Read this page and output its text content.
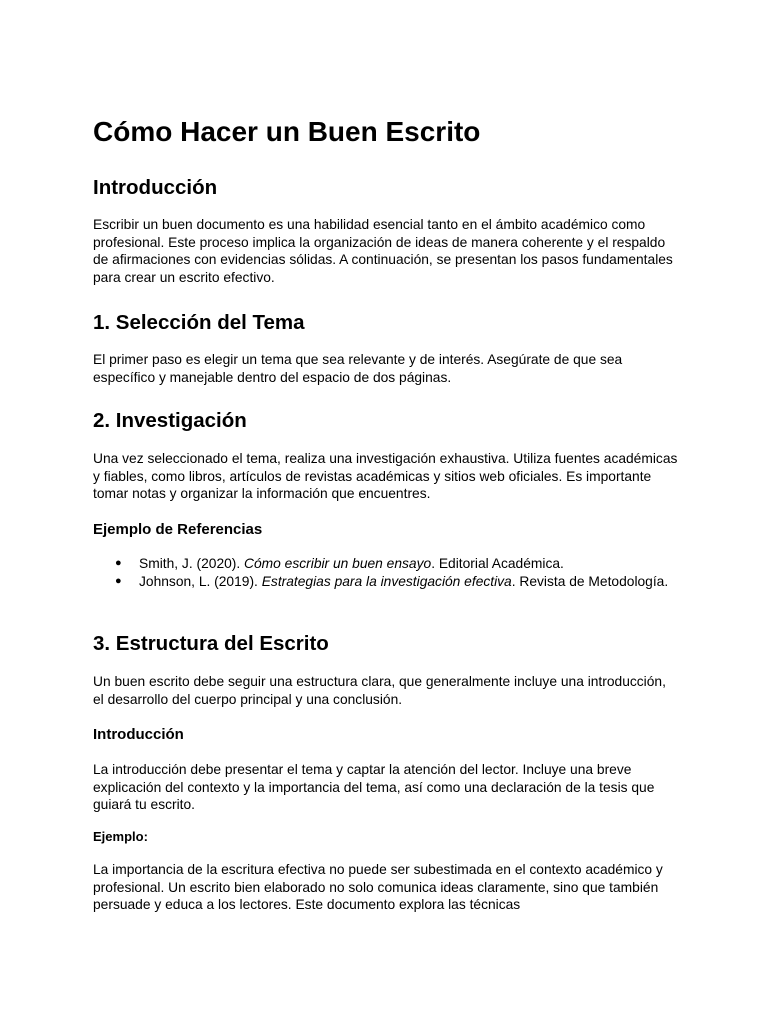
Cómo Hacer un Buen Escrito
Introducción

Escribir un buen documento es una habilidad esencial tanto en el ámbito académico como profesional. Este proceso implica la organización de ideas de manera coherente y el respaldo de afirmaciones con evidencias sólidas. A continuación, se presentan los pasos fundamentales para crear un escrito efectivo.

1. Selección del Tema

El primer paso es elegir un tema que sea relevante y de interés. Asegúrate de que sea específico y manejable dentro del espacio de dos páginas.

2. Investigación

Una vez seleccionado el tema, realiza una investigación exhaustiva. Utiliza fuentes académicas y fiables, como libros, artículos de revistas académicas y sitios web oficiales. Es importante tomar notas y organizar la información que encuentres.

Ejemplo de Referencias
● Smith, J. (2020). Cómo escribir un buen ensayo. Editorial Académica.
● Johnson, L. (2019). Estrategias para la investigación efectiva. Revista de Metodología.
3. Estructura del Escrito

Un buen escrito debe seguir una estructura clara, que generalmente incluye una introducción, el desarrollo del cuerpo principal y una conclusión.

Introducción

La introducción debe presentar el tema y captar la atención del lector. Incluye una breve explicación del contexto y la importancia del tema, así como una declaración de la tesis que guiará tu escrito.

Ejemplo:

La importancia de la escritura efectiva no puede ser subestimada en el contexto académico y profesional. Un escrito bien elaborado no solo comunica ideas claramente, sino que también persuade y educa a los lectores. Este documento explora las técnicas
